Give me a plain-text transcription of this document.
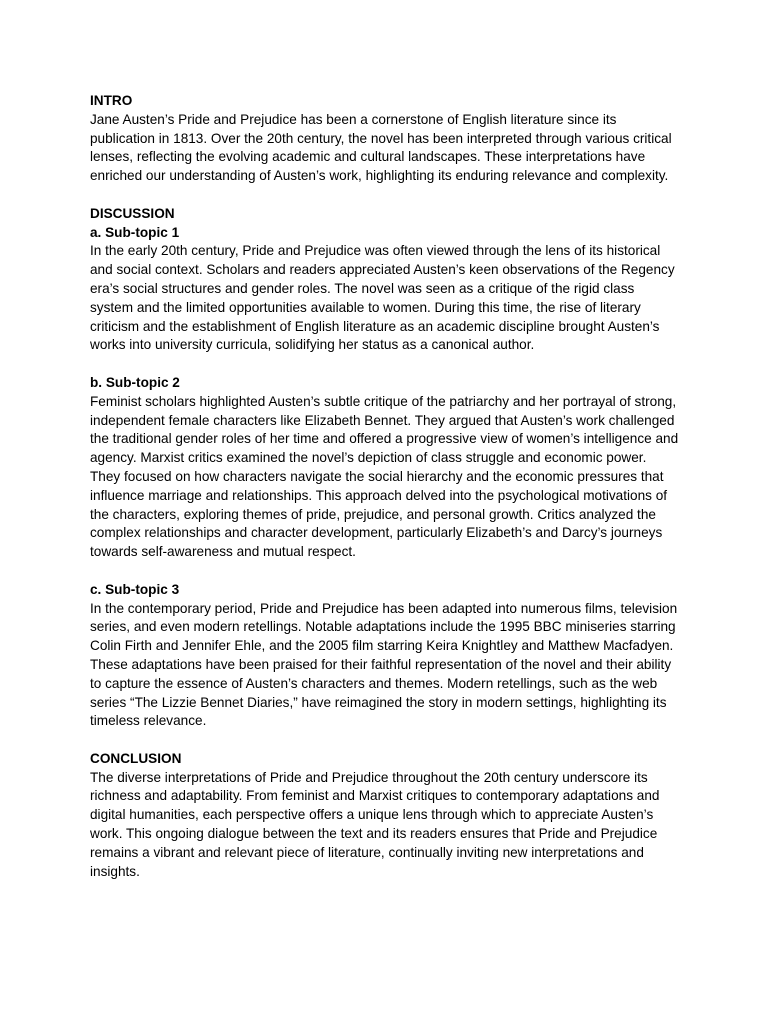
INTRO

Jane Austen’s Pride and Prejudice has been a cornerstone of English literature since its publication in 1813. Over the 20th century, the novel has been interpreted through various critical lenses, reflecting the evolving academic and cultural landscapes. These interpretations have enriched our understanding of Austen’s work, highlighting its enduring relevance and complexity.

DISCUSSION

a. Sub-topic 1

In the early 20th century, Pride and Prejudice was often viewed through the lens of its historical and social context. Scholars and readers appreciated Austen’s keen observations of the Regency era’s social structures and gender roles. The novel was seen as a critique of the rigid class system and the limited opportunities available to women. During this time, the rise of literary criticism and the establishment of English literature as an academic discipline brought Austen’s works into university curricula, solidifying her status as a canonical author.

b. Sub-topic 2

Feminist scholars highlighted Austen’s subtle critique of the patriarchy and her portrayal of strong, independent female characters like Elizabeth Bennet. They argued that Austen’s work challenged the traditional gender roles of her time and offered a progressive view of women’s intelligence and agency. Marxist critics examined the novel’s depiction of class struggle and economic power. They focused on how characters navigate the social hierarchy and the economic pressures that influence marriage and relationships. This approach delved into the psychological motivations of the characters, exploring themes of pride, prejudice, and personal growth. Critics analyzed the complex relationships and character development, particularly Elizabeth’s and Darcy’s journeys towards self-awareness and mutual respect.

c. Sub-topic 3

In the contemporary period, Pride and Prejudice has been adapted into numerous films, television series, and even modern retellings. Notable adaptations include the 1995 BBC miniseries starring Colin Firth and Jennifer Ehle, and the 2005 film starring Keira Knightley and Matthew Macfadyen. These adaptations have been praised for their faithful representation of the novel and their ability to capture the essence of Austen’s characters and themes. Modern retellings, such as the web series “The Lizzie Bennet Diaries,” have reimagined the story in modern settings, highlighting its timeless relevance.

CONCLUSION

The diverse interpretations of Pride and Prejudice throughout the 20th century underscore its richness and adaptability. From feminist and Marxist critiques to contemporary adaptations and digital humanities, each perspective offers a unique lens through which to appreciate Austen’s work. This ongoing dialogue between the text and its readers ensures that Pride and Prejudice remains a vibrant and relevant piece of literature, continually inviting new interpretations and insights.
